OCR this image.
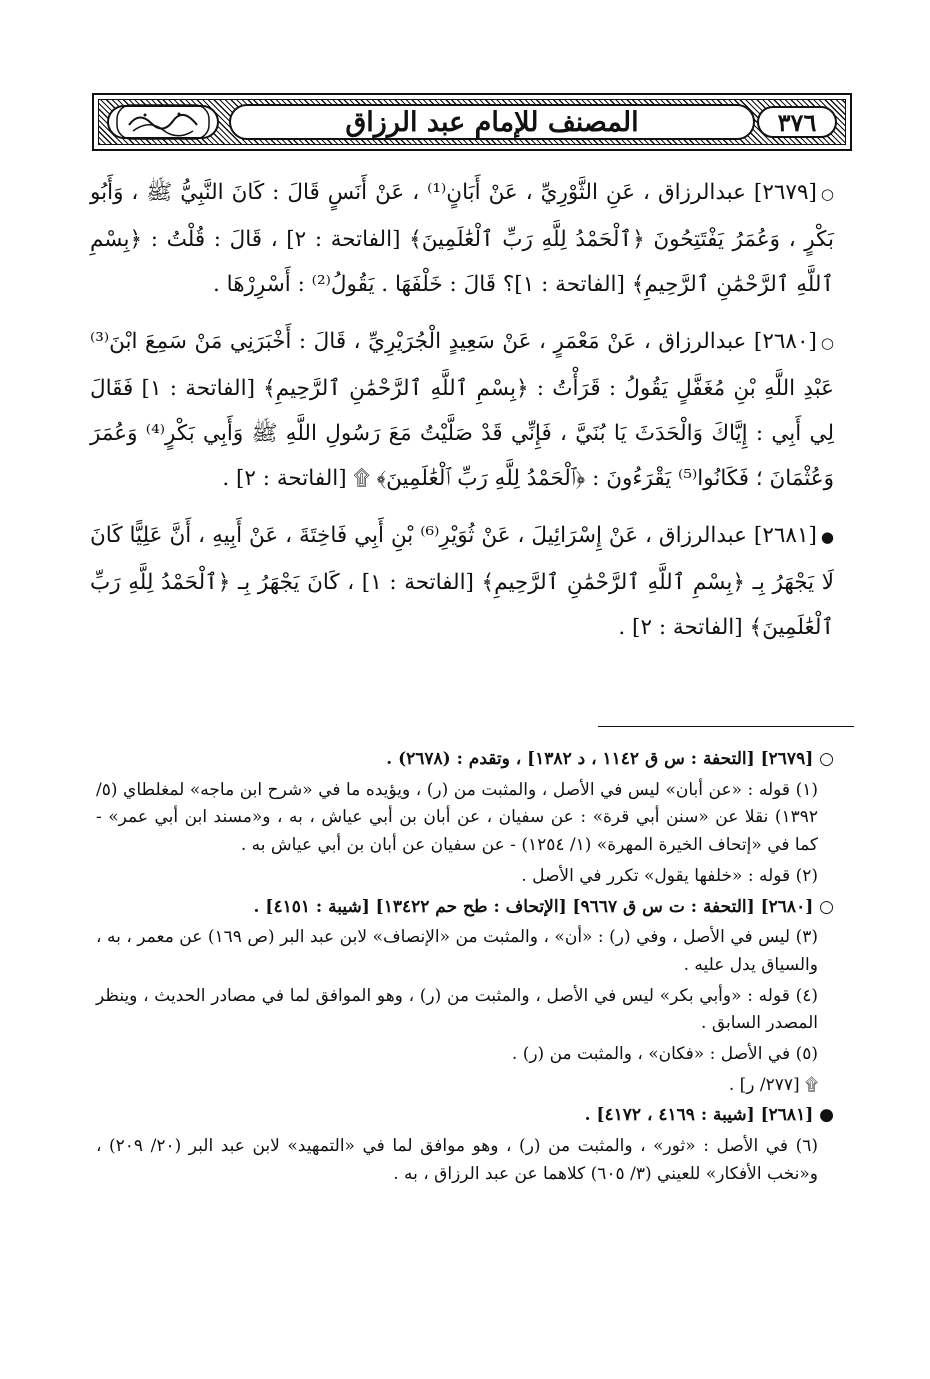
٣٧٦
المصنف للإمام عبد الرزاق
○[٢٦٧٩] عبدالرزاق ، عَنِ الثَّوْرِيِّ ، عَنْ أَبَانٍ⁽¹⁾ ، عَنْ أَنَسٍ قَالَ : كَانَ النَّبِيُّ ﷺ ، وَأَبُو بَكْرٍ ، وَعُمَرُ يَفْتَتِحُونَ ﴿ٱلْحَمْدُ لِلَّهِ رَبِّ ٱلْعَٰلَمِينَ﴾ [الفاتحة : ٢] ، قَالَ : قُلْتُ : ﴿بِسْمِ ٱللَّهِ ٱلرَّحْمَٰنِ ٱلرَّحِيمِ﴾ [الفاتحة : ١]؟ قَالَ : خَلْفَهَا . يَقُولُ⁽²⁾ : أَسْرِرْهَا .
○[٢٦٨٠] عبدالرزاق ، عَنْ مَعْمَرٍ ، عَنْ سَعِيدٍ الْجُرَيْرِيِّ ، قَالَ : أَخْبَرَنِي مَنْ سَمِعَ ابْنَ⁽³⁾ عَبْدِ اللَّهِ بْنِ مُغَفَّلٍ يَقُولُ : قَرَأْتُ : ﴿بِسْمِ ٱللَّهِ ٱلرَّحْمَٰنِ ٱلرَّحِيمِ﴾ [الفاتحة : ١] فَقَالَ لِي أَبِي : إِيَّاكَ وَالْحَدَثَ يَا بُنَيَّ ، فَإِنِّي قَدْ صَلَّيْتُ مَعَ رَسُولِ اللَّهِ ﷺ وَأَبِي بَكْرٍ⁽⁴⁾ وَعُمَرَ وَعُثْمَانَ ؛ فَكَانُوا⁽⁵⁾ يَقْرَءُونَ : ﴿ٱلْحَمْدُ لِلَّهِ رَبِّ ٱلْعَٰلَمِينَ﴾ ۩ [الفاتحة : ٢] .
●[٢٦٨١] عبدالرزاق ، عَنْ إِسْرَائِيلَ ، عَنْ ثُوَيْرِ⁽⁶⁾ بْنِ أَبِي فَاخِتَةَ ، عَنْ أَبِيهِ ، أَنَّ عَلِيًّا كَانَ لَا يَجْهَرُ بِـ ﴿بِسْمِ ٱللَّهِ ٱلرَّحْمَٰنِ ٱلرَّحِيمِ﴾ [الفاتحة : ١] ، كَانَ يَجْهَرُ بِـ ﴿ٱلْحَمْدُ لِلَّهِ رَبِّ ٱلْعَٰلَمِينَ﴾ [الفاتحة : ٢] .

○ [٢٦٧٩] [التحفة : س ق ١١٤٢ ، د ١٣٨٢] ، وتقدم : (٢٦٧٨) .

(١) قوله : «عن أبان» ليس في الأصل ، والمثبت من (ر) ، ويؤيده ما في «شرح ابن ماجه» لمغلطاي (٥/ ١٣٩٢) نقلا عن «سنن أبي قرة» : عن سفيان ، عن أبان بن أبي عياش ، به ، و«مسند ابن أبي عمر» - كما في «إتحاف الخيرة المهرة» (١/ ١٢٥٤) - عن سفيان عن أبان بن أبي عياش به .

(٢) قوله : «خلفها يقول» تكرر في الأصل .

○ [٢٦٨٠] [التحفة : ت س ق ٩٦٦٧] [الإتحاف : طح حم ١٣٤٢٢] [شيبة : ٤١٥١] .

(٣) ليس في الأصل ، وفي (ر) : «أن» ، والمثبت من «الإنصاف» لابن عبد البر (ص ١٦٩) عن معمر ، به ، والسياق يدل عليه .

(٤) قوله : «وأبي بكر» ليس في الأصل ، والمثبت من (ر) ، وهو الموافق لما في مصادر الحديث ، وينظر المصدر السابق .

(٥) في الأصل : «فكان» ، والمثبت من (ر) .

۩ [٢٧٧/ ر] .

● [٢٦٨١] [شيبة : ٤١٦٩ ، ٤١٧٢] .

(٦) في الأصل : «ثور» ، والمثبت من (ر) ، وهو موافق لما في «التمهيد» لابن عبد البر (٢٠/ ٢٠٩) ، و«نخب الأفكار» للعيني (٣/ ٦٠٥) كلاهما عن عبد الرزاق ، به .
